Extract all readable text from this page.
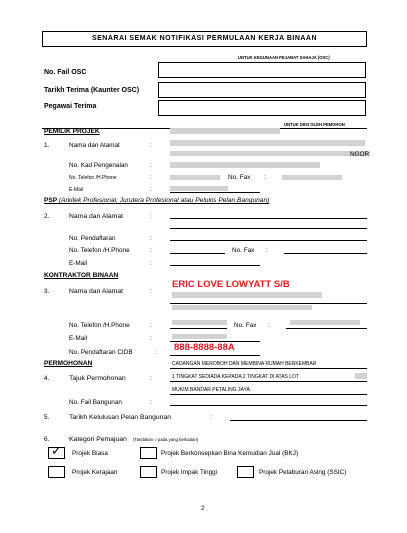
SENARAI SEMAK NOTIFIKASI PERMULAAN KERJA BINAAN
UNTUK KEGUNAAN PEJABAT SAHAJA (OSC)
No. Fail OSC
Tarikh Terima (Kaunter OSC)
Pegawai Terima
UNTUK DIISI OLEH PEMOHON
PEMILIK PROJEK
1.	Nama dan Alamat	:
NGOR
No. Kad Pengenalan	:
No. Telefon /H.Phone	:	No. Fax :
E-Mail	:
PSP (Arkitek Profesional, Jurutera Profesional atau Pelukis Pelan Bangunan)
2.	Nama dan Alamat	:
No. Pendaftaran	:
No. Telefon /H.Phone	:	No. Fax :
E-Mail	:
KONTRAKTOR BINAAN
3.	Nama dan Alamat	:
ERIC LOVE LOWYATT S/B
No. Telefon /H.Phone	:	No. Fax :
E-Mail	:
No. Pendaftaran CIDB	: 888-8888-88A
PERMOHONAN
4.	Tajuk Permohonan	:
CADANGAN MEROBOH DAN MEMBINA RUMAH BERKEMBAR
1 TINGKAT SEDIADA KEPADA 2 TINGKAT DI ATAS LOT
MUKIM BANDAR PETALING JAYA
No. Fail Bangunan	:
5.	Tarikh Kelulusan Pelan Bangunan	:
6.	Kategori Pemajuan (Tandakan √ pada yang berkaitan)
✓ Projek Biasa	Projek Berkonsepkan Bina Kemudian Jual (BKJ)
Projek Kerajaan	Projek Impak Tinggi	Projek Pelaburan Asing (SSIC)
2
